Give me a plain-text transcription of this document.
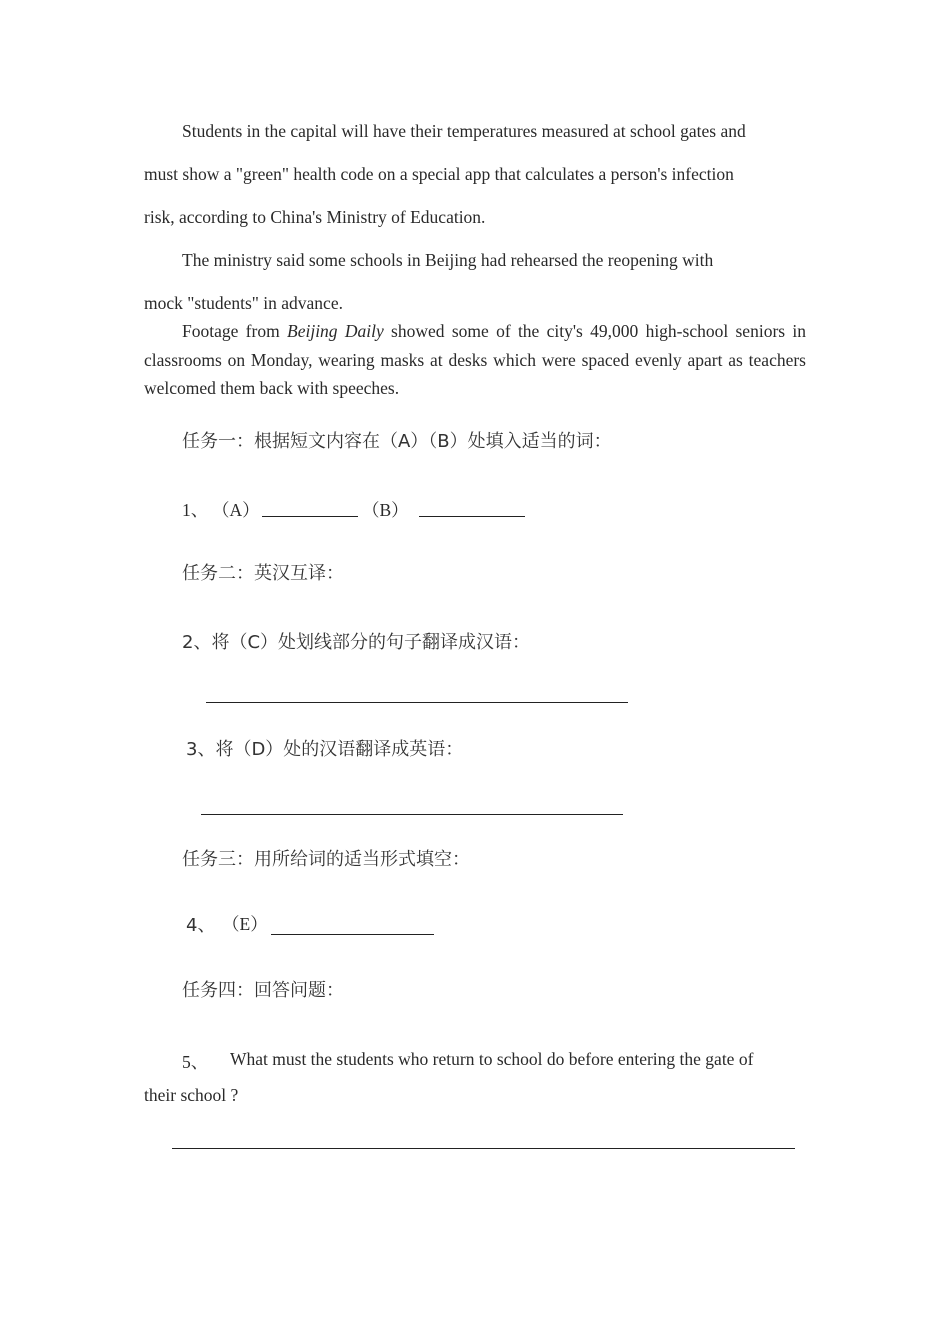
Students in the capital will have their temperatures measured at school gates and
must show a "green" health code on a special app that calculates a person's infection
risk, according to China's Ministry of Education.
The ministry said some schools in Beijing had rehearsed the reopening with
mock "students" in advance.
Footage from Beijing Daily showed some of the city's 49,000 high-school seniors in classrooms on Monday, wearing masks at desks which were spaced evenly apart as teachers welcomed them back with speeches.
任务一：根据短文内容在（A）（B）处填入适当的词：
1、 （A）	（B）
任务二：英汉互译：
2、将（C）处划线部分的句子翻译成汉语：
3、将（D）处的汉语翻译成英语：
任务三：用所给词的适当形式填空：
4、 （E）
任务四：回答问题：
5、 What must the students who return to school do before entering the gate of
their school ?
